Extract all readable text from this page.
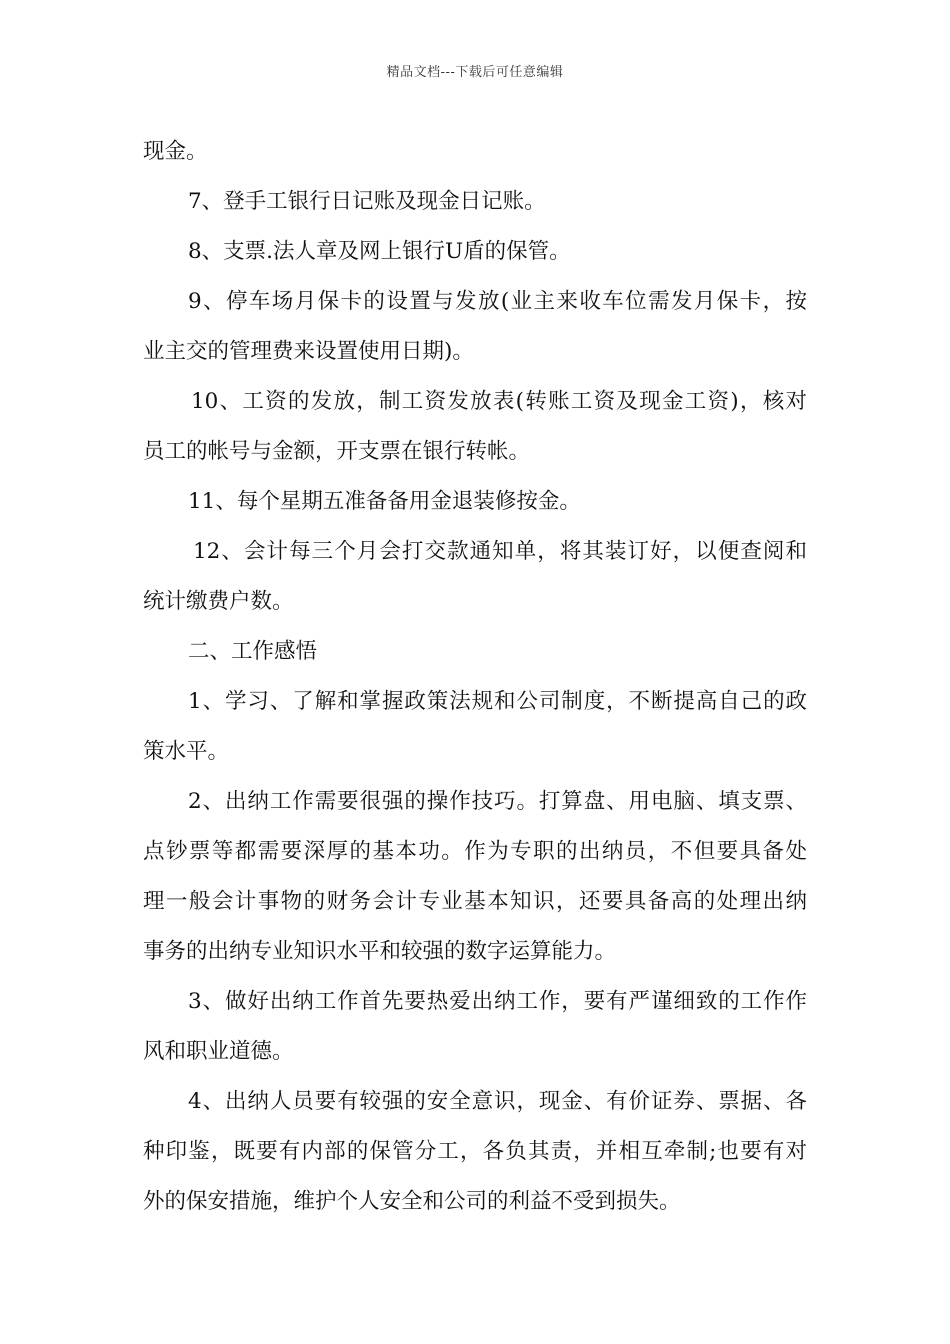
精品文档---下载后可任意编辑
现金。
7、登手工银行日记账及现金日记账。
8、支票.法人章及网上银行U盾的保管。
9、停车场月保卡的设置与发放(业主来收车位需发月保卡，按
业主交的管理费来设置使用日期)。
10、工资的发放，制工资发放表(转账工资及现金工资)，核对
员工的帐号与金额，开支票在银行转帐。
11、每个星期五准备备用金退装修按金。
12、会计每三个月会打交款通知单，将其装订好，以便查阅和
统计缴费户数。
二、工作感悟
1、学习、了解和掌握政策法规和公司制度，不断提高自己的政
策水平。
2、出纳工作需要很强的操作技巧。打算盘、用电脑、填支票、
点钞票等都需要深厚的基本功。作为专职的出纳员，不但要具备处
理一般会计事物的财务会计专业基本知识，还要具备高的处理出纳
事务的出纳专业知识水平和较强的数字运算能力。
3、做好出纳工作首先要热爱出纳工作，要有严谨细致的工作作
风和职业道德。
4、出纳人员要有较强的安全意识，现金、有价证券、票据、各
种印鉴，既要有内部的保管分工，各负其责，并相互牵制;也要有对
外的保安措施，维护个人安全和公司的利益不受到损失。
